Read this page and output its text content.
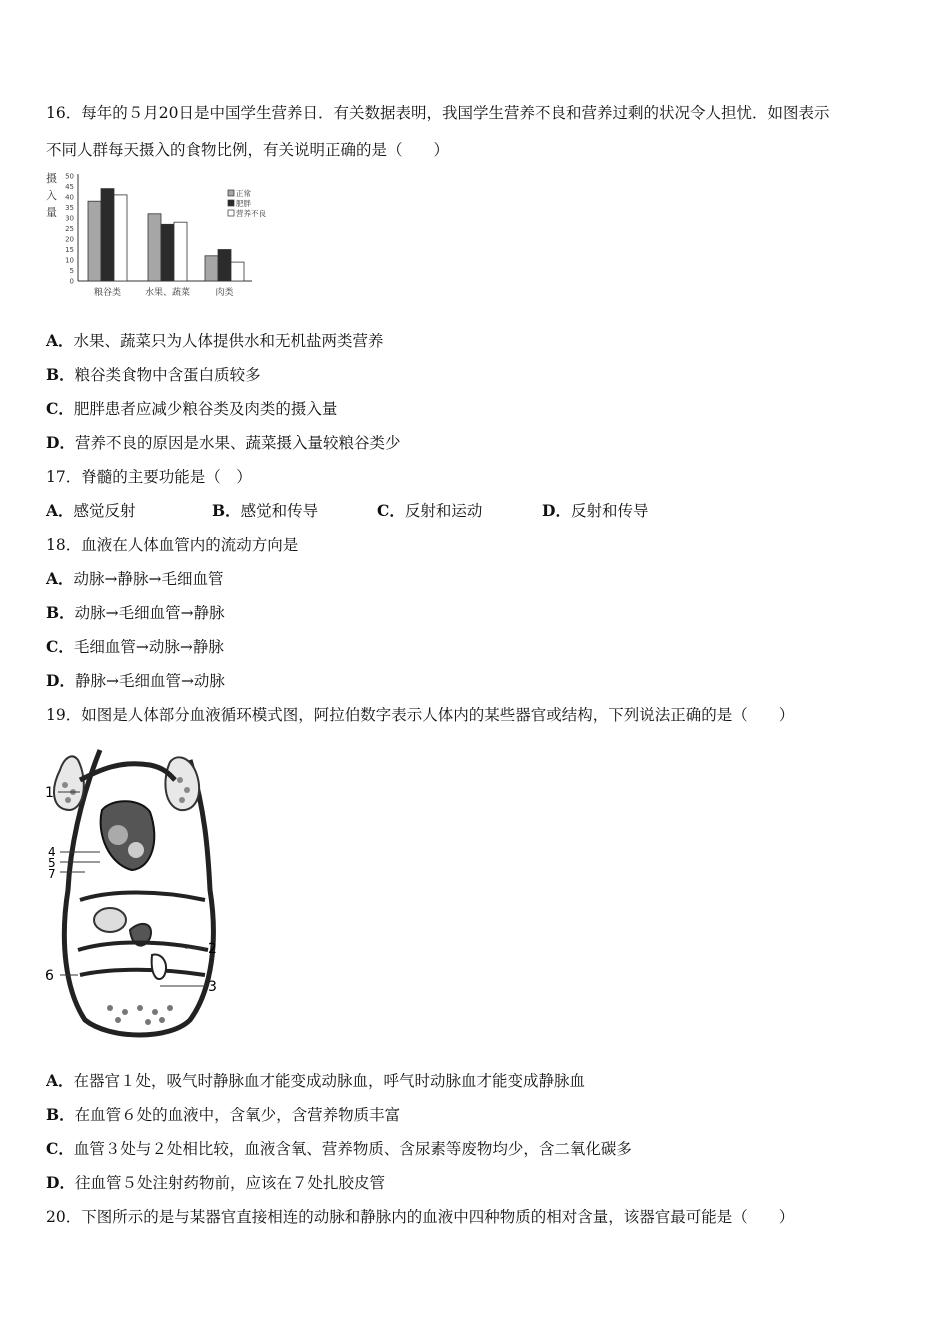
16．每年的５月20日是中国学生营养日．有关数据表明，我国学生营养不良和营养过剩的状况令人担忧．如图表示
不同人群每天摄入的食物比例，有关说明正确的是（　　）
摄
入
量
0
5
10
15
20
25
30
35
40
45
50
粮谷类	水果、蔬菜	肉类
正常
肥胖
营养不良
A．水果、蔬菜只为人体提供水和无机盐两类营养
B．粮谷类食物中含蛋白质较多
C．肥胖患者应减少粮谷类及肉类的摄入量
D．营养不良的原因是水果、蔬菜摄入量较粮谷类少
17．脊髓的主要功能是（　）
A．感觉反射	B．感觉和传导	C．反射和运动	D．反射和传导
18．血液在人体血管内的流动方向是
A．动脉→静脉→毛细血管
B．动脉→毛细血管→静脉
C．毛细血管→动脉→静脉
D．静脉→毛细血管→动脉
19．如图是人体部分血液循环模式图，阿拉伯数字表示人体内的某些器官或结构，下列说法正确的是（　　）
1
4
5
7
2
6
3
A．在器官１处，吸气时静脉血才能变成动脉血，呼气时动脉血才能变成静脉血
B．在血管６处的血液中，含氧少，含营养物质丰富
C．血管３处与２处相比较，血液含氧、营养物质、含尿素等废物均少，含二氧化碳多
D．往血管５处注射药物前，应该在７处扎胶皮管
20．下图所示的是与某器官直接相连的动脉和静脉内的血液中四种物质的相对含量，该器官最可能是（　　）
